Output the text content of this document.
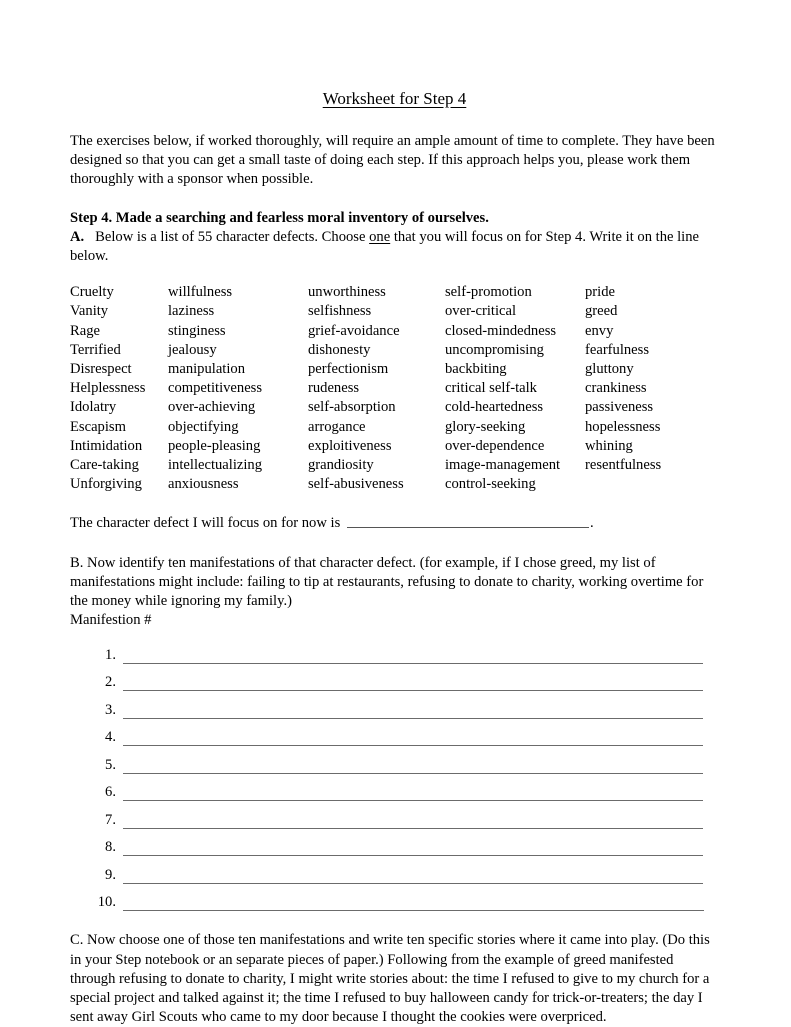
Worksheet for Step 4

The exercises below, if worked thoroughly, will require an ample amount of time to complete. They have been designed so that you can get a small taste of doing each step. If this approach helps you, please work them thoroughly with a sponsor when possible.

Step 4. Made a searching and fearless moral inventory of ourselves.

A. Below is a list of 55 character defects. Choose one that you will focus on for Step 4. Write it on the line below.

Cruelty
Vanity
Rage
Terrified
Disrespect
Helplessness
Idolatry
Escapism
Intimidation
Care-taking
Unforgiving
willfulness
laziness
stinginess
jealousy
manipulation
competitiveness
over-achieving
objectifying
people-pleasing
intellectualizing
anxiousness
unworthiness
selfishness
grief-avoidance
dishonesty
perfectionism
rudeness
self-absorption
arrogance
exploitiveness
grandiosity
self-abusiveness
self-promotion
over-critical
closed-mindedness
uncompromising
backbiting
critical self-talk
cold-heartedness
glory-seeking
over-dependence
image-management
control-seeking
pride
greed
envy
fearfulness
gluttony
crankiness
passiveness
hopelessness
whining
resentfulness

The character defect I will focus on for now is	.

B. Now identify ten manifestations of that character defect. (for example, if I chose greed, my list of manifestations might include: failing to tip at restaurants, refusing to donate to charity, working overtime for the money while ignoring my family.)

Manifestion #

1.
2.
3.
4.
5.
6.
7.
8.
9.
10.

C. Now choose one of those ten manifestations and write ten specific stories where it came into play. (Do this in your Step notebook or an separate pieces of paper.) Following from the example of greed manifested through refusing to donate to charity, I might write stories about: the time I refused to give to my church for a special project and talked against it; the time I refused to buy halloween candy for trick-or-treaters; the day I sent away Girl Scouts who came to my door because I thought the cookies were overpriced.
